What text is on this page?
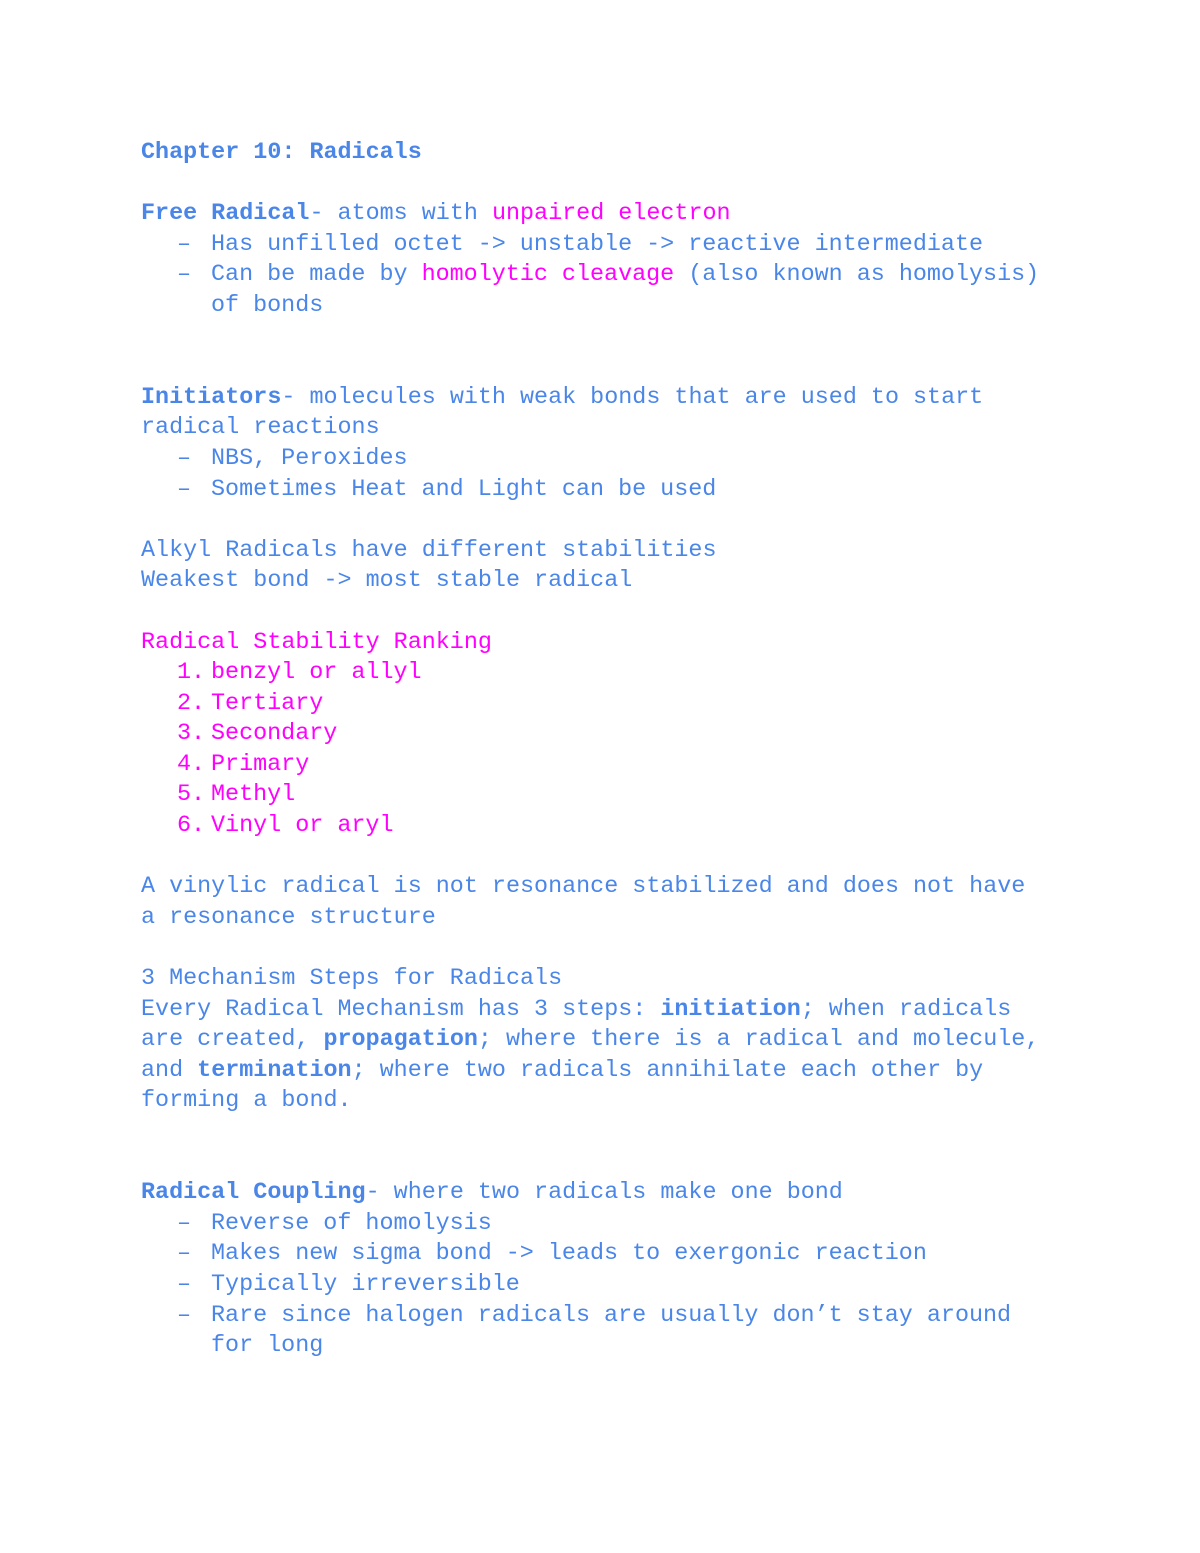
Chapter 10: Radicals
Free Radical- atoms with unpaired electron
– Has unfilled octet -> unstable -> reactive intermediate
– Can be made by homolytic cleavage (also known as homolysis)
of bonds
Initiators- molecules with weak bonds that are used to start
radical reactions
– NBS, Peroxides
– Sometimes Heat and Light can be used
Alkyl Radicals have different stabilities
Weakest bond -> most stable radical
Radical Stability Ranking
1. benzyl or allyl
2. Tertiary
3. Secondary
4. Primary
5. Methyl
6. Vinyl or aryl
A vinylic radical is not resonance stabilized and does not have
a resonance structure
3 Mechanism Steps for Radicals
Every Radical Mechanism has 3 steps: initiation; when radicals
are created, propagation; where there is a radical and molecule,
and termination; where two radicals annihilate each other by
forming a bond.
Radical Coupling- where two radicals make one bond
– Reverse of homolysis
– Makes new sigma bond -> leads to exergonic reaction
– Typically irreversible
– Rare since halogen radicals are usually don’t stay around
for long
